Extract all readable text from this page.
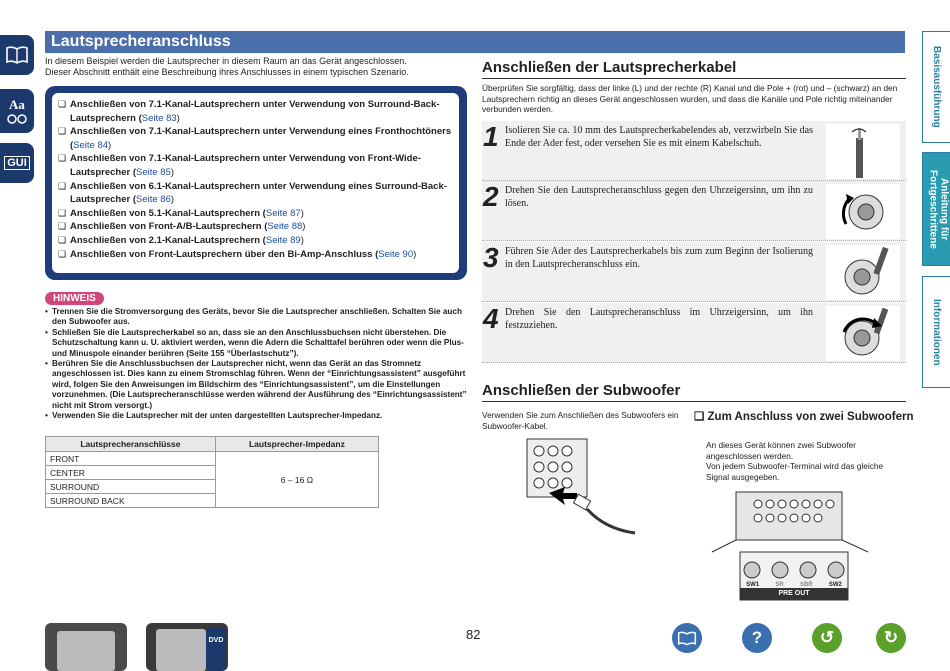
Aa
GUI
Basisausführung
Anleitung für Fortgeschrittene
Informationen
Lautsprecheranschluss
In diesem Beispiel werden die Lautsprecher in diesem Raum an das Gerät angeschlossen.
Dieser Abschnitt enthält eine Beschreibung ihres Anschlusses in einem typischen Szenario.
❑ Anschließen von 7.1-Kanal-Lautsprechern unter Verwendung von Surround-Back-Lautsprechern (Seite 83)
❑ Anschließen von 7.1-Kanal-Lautsprechern unter Verwendung eines Fronthochtöners (Seite 84)
❑ Anschließen von 7.1-Kanal-Lautsprechern unter Verwendung von Front-Wide-Lautsprecher (Seite 85)
❑ Anschließen von 6.1-Kanal-Lautsprechern unter Verwendung eines Surround-Back-Lautsprecher (Seite 86)
❑ Anschließen von 5.1-Kanal-Lautsprechern (Seite 87)
❑ Anschließen von Front-A/B-Lautsprechern (Seite 88)
❑ Anschließen von 2.1-Kanal-Lautsprechern (Seite 89)
❑ Anschließen von Front-Lautsprechern über den Bi-Amp-Anschluss (Seite 90)
HINWEIS
• Trennen Sie die Stromversorgung des Geräts, bevor Sie die Lautsprecher anschließen. Schalten Sie auch den Subwoofer aus.
• Schließen Sie die Lautsprecherkabel so an, dass sie an den Anschlussbuchsen nicht überstehen. Die Schutzschaltung kann u. U. aktiviert werden, wenn die Adern die Schalttafel berühren oder wenn die Plus- und Minuspole einander berühren (Seite 155 “Überlastschutz”).
• Berühren Sie die Anschlussbuchsen der Lautsprecher nicht, wenn das Gerät an das Stromnetz angeschlossen ist. Dies kann zu einem Stromschlag führen. Wenn der “Einrichtungsassistent” ausgeführt wird, folgen Sie den Anweisungen im Bildschirm des “Einrichtungsassistent”, um die Einstellungen vorzunehmen. (Die Lautsprecheranschlüsse werden während der Ausführung des “Einrichtungsassistent” nicht mit Strom versorgt.)
• Verwenden Sie die Lautsprecher mit der unten dargestellten Lautsprecher-Impedanz.
Lautsprecheranschlüsse	Lautsprecher-Impedanz
FRONT	6 – 16 Ω
CENTER	
SURROUND	
SURROUND BACK	
Anschließen der Lautsprecherkabel
Überprüfen Sie sorgfältig, dass der linke (L) und der rechte (R) Kanal und die Pole + (rot) und – (schwarz) an den Lautsprechern richtig an dieses Gerät angeschlossen wurden, und dass die Kanäle und Pole richtig miteinander verbunden werden.
1 Isolieren Sie ca. 10 mm des Lautsprecherkabelendes ab, verzwirbeln Sie das Ende der Ader fest, oder versehen Sie es mit einem Kabelschuh.
2 Drehen Sie den Lautsprecheranschluss gegen den Uhrzeigersinn, um ihn zu lösen.
3 Führen Sie Ader des Lautsprecherkabels bis zum zum Beginn der Isolierung in den Lautsprecheranschluss ein.
4 Drehen Sie den Lautsprecheranschluss im Uhrzeigersinn, um ihn festzuziehen.
Anschließen der Subwoofer
Verwenden Sie zum Anschließen des Subwoofers ein Subwoofer-Kabel.
❑ Zum Anschluss von zwei Subwoofern
An dieses Gerät können zwei Subwoofer angeschlossen werden.
Von jedem Subwoofer-Terminal wird das gleiche Signal ausgegeben.
SW1	SR	SBR	SW2
PRE OUT
DVD	82	?	↺	↻
